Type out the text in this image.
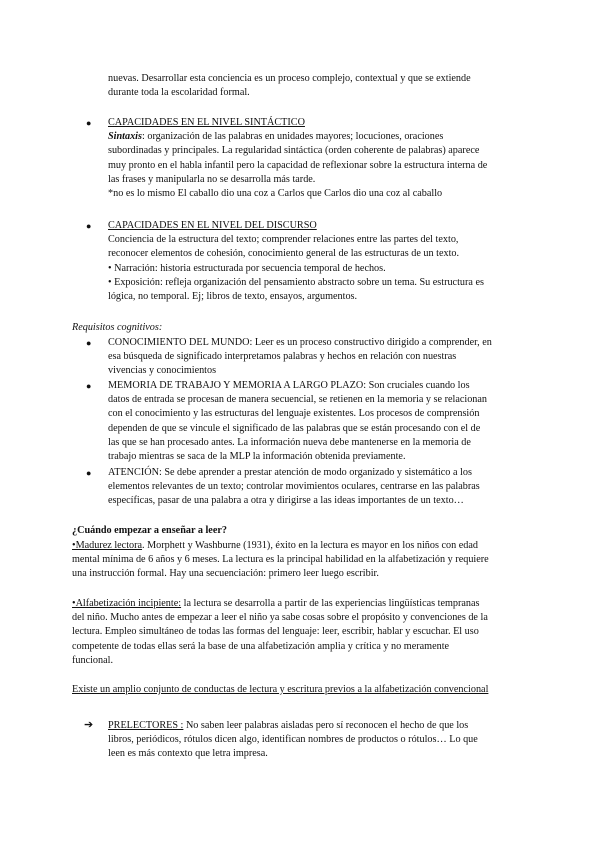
nuevas. Desarrollar esta conciencia es un proceso complejo, contextual y que se extiende

durante toda la escolaridad formal.

● CAPACIDADES EN EL NIVEL SINTÁCTICO

Sintaxis: organización de las palabras en unidades mayores; locuciones, oraciones

subordinadas y principales. La regularidad sintáctica (orden coherente de palabras) aparece

muy pronto en el habla infantil pero la capacidad de reflexionar sobre la estructura interna de

las frases y manipularla no se desarrolla más tarde.

*no es lo mismo El caballo dio una coz a Carlos que Carlos dio una coz al caballo

● CAPACIDADES EN EL NIVEL DEL DISCURSO

Conciencia de la estructura del texto; comprender relaciones entre las partes del texto,

reconocer elementos de cohesión, conocimiento general de las estructuras de un texto.

• Narración: historia estructurada por secuencia temporal de hechos.

• Exposición: refleja organización del pensamiento abstracto sobre un tema. Su estructura es

lógica, no temporal. Ej; libros de texto, ensayos, argumentos.

Requisitos cognitivos:

● CONOCIMIENTO DEL MUNDO: Leer es un proceso constructivo dirigido a comprender, en

esa búsqueda de significado interpretamos palabras y hechos en relación con nuestras

vivencias y conocimientos

● MEMORIA DE TRABAJO Y MEMORIA A LARGO PLAZO: Son cruciales cuando los

datos de entrada se procesan de manera secuencial, se retienen en la memoria y se relacionan

con el conocimiento y las estructuras del lenguaje existentes. Los procesos de comprensión

dependen de que se vincule el significado de las palabras que se están procesando con el de

las que se han procesado antes. La información nueva debe mantenerse en la memoria de

trabajo mientras se saca de la MLP la información obtenida previamente.

● ATENCIÓN: Se debe aprender a prestar atención de modo organizado y sistemático a los

elementos relevantes de un texto; controlar movimientos oculares, centrarse en las palabras

específicas, pasar de una palabra a otra y dirigirse a las ideas importantes de un texto…

¿Cuándo empezar a enseñar a leer?

•Madurez lectora. Morphett y Washburne (1931), éxito en la lectura es mayor en los niños con edad

mental mínima de 6 años y 6 meses. La lectura es la principal habilidad en la alfabetización y requiere

una instrucción formal. Hay una secuenciación: primero leer luego escribir.

•Alfabetización incipiente: la lectura se desarrolla a partir de las experiencias lingüísticas tempranas

del niño. Mucho antes de empezar a leer el niño ya sabe cosas sobre el propósito y convenciones de la

lectura. Empleo simultáneo de todas las formas del lenguaje: leer, escribir, hablar y escuchar. El uso

competente de todas ellas será la base de una alfabetización amplia y crítica y no meramente

funcional.

Existe un amplio conjunto de conductas de lectura y escritura previos a la alfabetización convencional

➔ PRELECTORES : No saben leer palabras aisladas pero sí reconocen el hecho de que los

libros, periódicos, rótulos dicen algo, identifican nombres de productos o rótulos… Lo que

leen es más contexto que letra impresa.
